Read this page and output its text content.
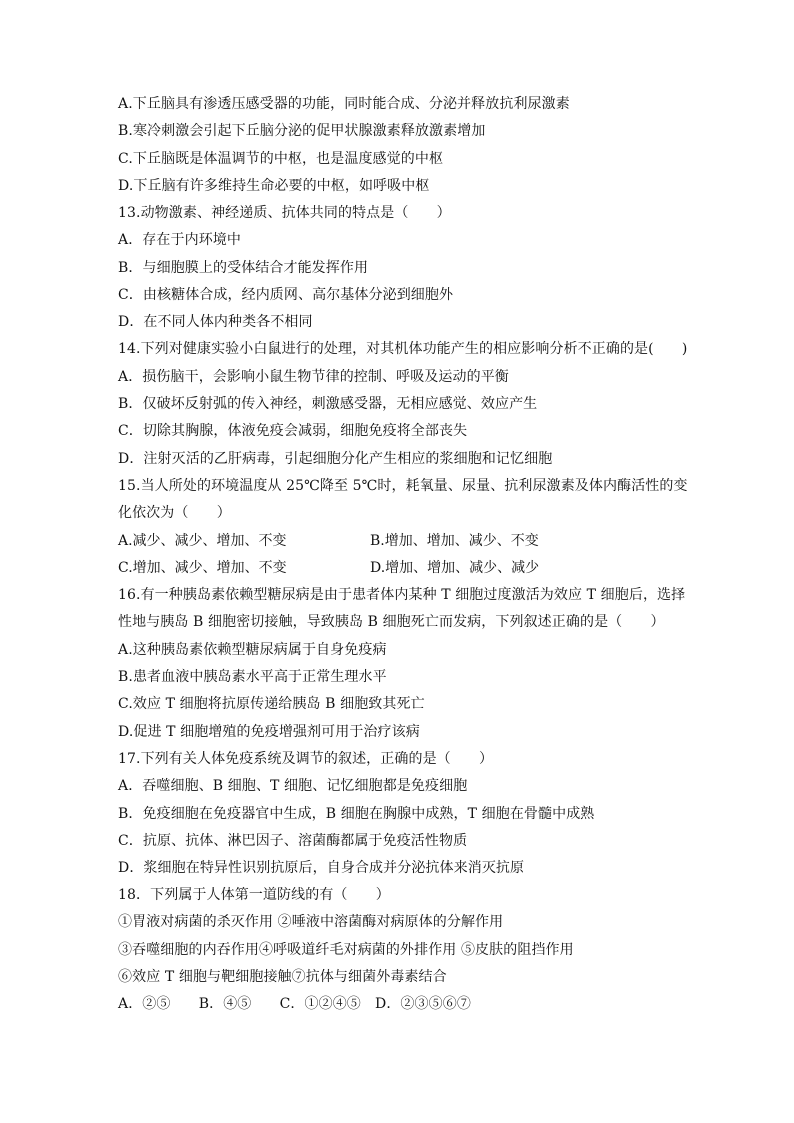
A.下丘脑具有渗透压感受器的功能，同时能合成、分泌并释放抗利尿激素
B.寒冷刺激会引起下丘脑分泌的促甲状腺激素释放激素增加
C.下丘脑既是体温调节的中枢，也是温度感觉的中枢
D.下丘脑有许多维持生命必要的中枢，如呼吸中枢
13.动物激素、神经递质、抗体共同的特点是（　　）
A．存在于内环境中
B．与细胞膜上的受体结合才能发挥作用
C．由核糖体合成，经内质网、高尔基体分泌到细胞外
D．在不同人体内种类各不相同
14.下列对健康实验小白鼠进行的处理，对其机体功能产生的相应影响分析不正确的是(　　)
A．损伤脑干，会影响小鼠生物节律的控制、呼吸及运动的平衡
B．仅破坏反射弧的传入神经，刺激感受器，无相应感觉、效应产生
C．切除其胸腺，体液免疫会减弱，细胞免疫将全部丧失
D．注射灭活的乙肝病毒，引起细胞分化产生相应的浆细胞和记忆细胞
15.当人所处的环境温度从 25℃降至 5℃时，耗氧量、尿量、抗利尿激素及体内酶活性的变
化依次为（　　）
A.减少、减少、增加、不变	B.增加、增加、减少、不变
C.增加、减少、增加、不变	D.增加、增加、减少、减少
16.有一种胰岛素依赖型糖尿病是由于患者体内某种 T 细胞过度激活为效应 T 细胞后，选择
性地与胰岛 B 细胞密切接触，导致胰岛 B 细胞死亡而发病，下列叙述正确的是（　　）
A.这种胰岛素依赖型糖尿病属于自身免疫病
B.患者血液中胰岛素水平高于正常生理水平
C.效应 T 细胞将抗原传递给胰岛 B 细胞致其死亡
D.促进 T 细胞增殖的免疫增强剂可用于治疗该病
17.下列有关人体免疫系统及调节的叙述，正确的是（　　）
A．吞噬细胞、B 细胞、T 细胞、记忆细胞都是免疫细胞
B．免疫细胞在免疫器官中生成，B 细胞在胸腺中成熟，T 细胞在骨髓中成熟
C．抗原、抗体、淋巴因子、溶菌酶都属于免疫活性物质
D．浆细胞在特异性识别抗原后，自身合成并分泌抗体来消灭抗原
18．下列属于人体第一道防线的有（　　）
①胃液对病菌的杀灭作用 ②唾液中溶菌酶对病原体的分解作用
③吞噬细胞的内吞作用④呼吸道纤毛对病菌的外排作用 ⑤皮肤的阻挡作用
⑥效应 T 细胞与靶细胞接触⑦抗体与细菌外毒素结合
A．②⑤　　B．④⑤　　C．①②④⑤　D．②③⑤⑥⑦
